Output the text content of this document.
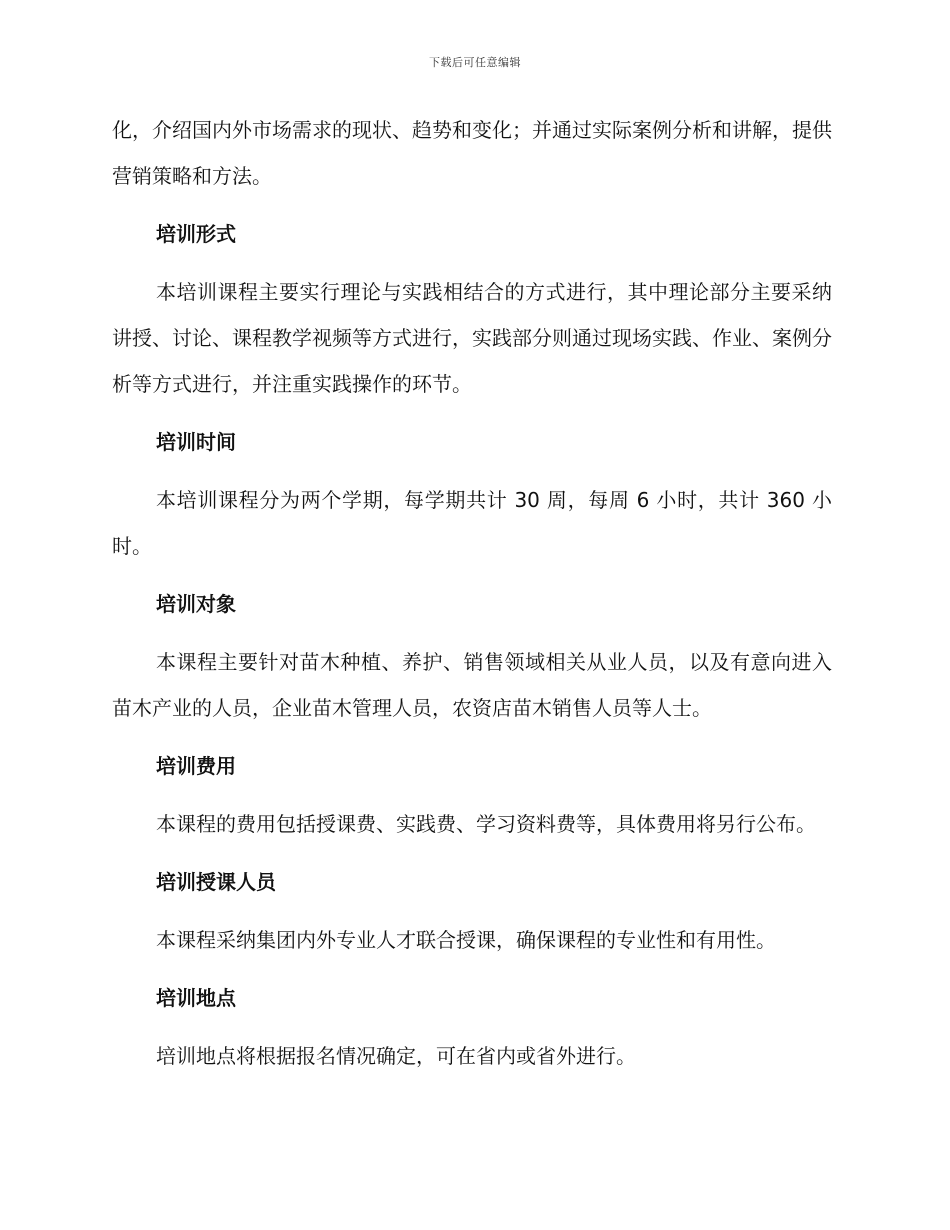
下载后可任意编辑

化，介绍国内外市场需求的现状、趋势和变化；并通过实际案例分析和讲解，提供营销策略和方法。

培训形式

本培训课程主要实行理论与实践相结合的方式进行，其中理论部分主要采纳讲授、讨论、课程教学视频等方式进行，实践部分则通过现场实践、作业、案例分析等方式进行，并注重实践操作的环节。

培训时间

本培训课程分为两个学期，每学期共计 30 周，每周 6 小时，共计 360 小时。

培训对象

本课程主要针对苗木种植、养护、销售领域相关从业人员，以及有意向进入苗木产业的人员，企业苗木管理人员，农资店苗木销售人员等人士。

培训费用

本课程的费用包括授课费、实践费、学习资料费等，具体费用将另行公布。

培训授课人员

本课程采纳集团内外专业人才联合授课，确保课程的专业性和有用性。

培训地点

培训地点将根据报名情况确定，可在省内或省外进行。
